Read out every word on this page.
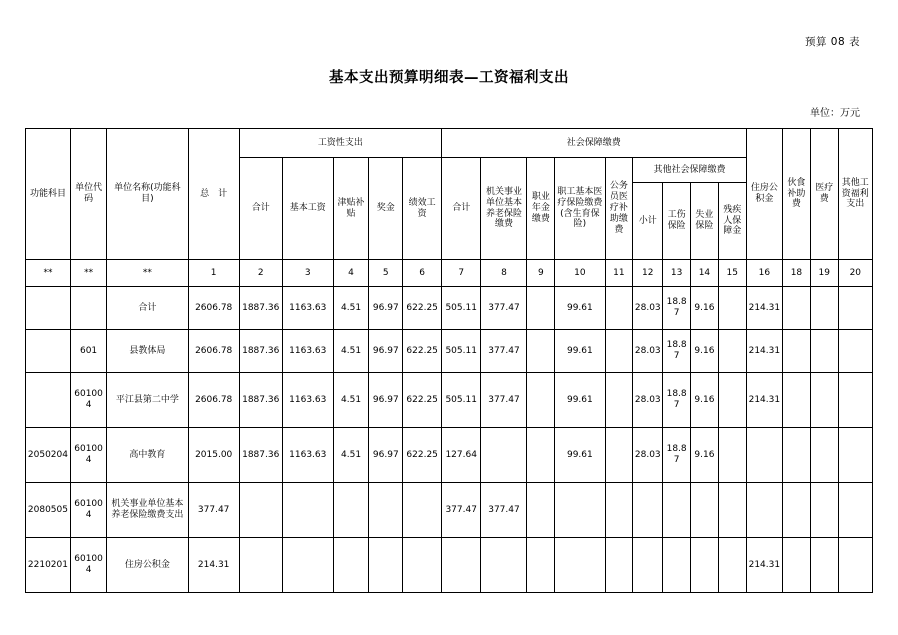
预算 08 表
基本支出预算明细表—工资福利支出
单位：万元
功能科目	单位代码	单位名称(功能科目)	总　计	工资性支出					社会保障缴费									住房公积金	伙食补助费	医疗费	其他工资福利支出
				合计	基本工资	津贴补贴	奖金	绩效工资	合计	机关事业单位基本养老保险缴费	职业年金缴费	职工基本医疗保险缴费(含生育保险)	公务员医疗补助缴费	其他社会保障缴费							
														小计	工伤保险	失业保险	残疾人保障金				
**	**	**	1	2	3	4	5	6	7	8	9	10	11	12	13	14	15	16	18	19	20
		合计	2606.78	1887.36	1163.63	4.51	96.97	622.25	505.11	377.47		99.61		28.03	18.87	9.16		214.31			
	601	县教体局	2606.78	1887.36	1163.63	4.51	96.97	622.25	505.11	377.47		99.61		28.03	18.87	9.16		214.31			
	601004	平江县第二中学	2606.78	1887.36	1163.63	4.51	96.97	622.25	505.11	377.47		99.61		28.03	18.87	9.16		214.31			
2050204	601004	高中教育	2015.00	1887.36	1163.63	4.51	96.97	622.25	127.64			99.61		28.03	18.87	9.16					
2080505	601004	机关事业单位基本养老保险缴费支出	377.47						377.47	377.47											
2210201	601004	住房公积金	214.31															214.31			
